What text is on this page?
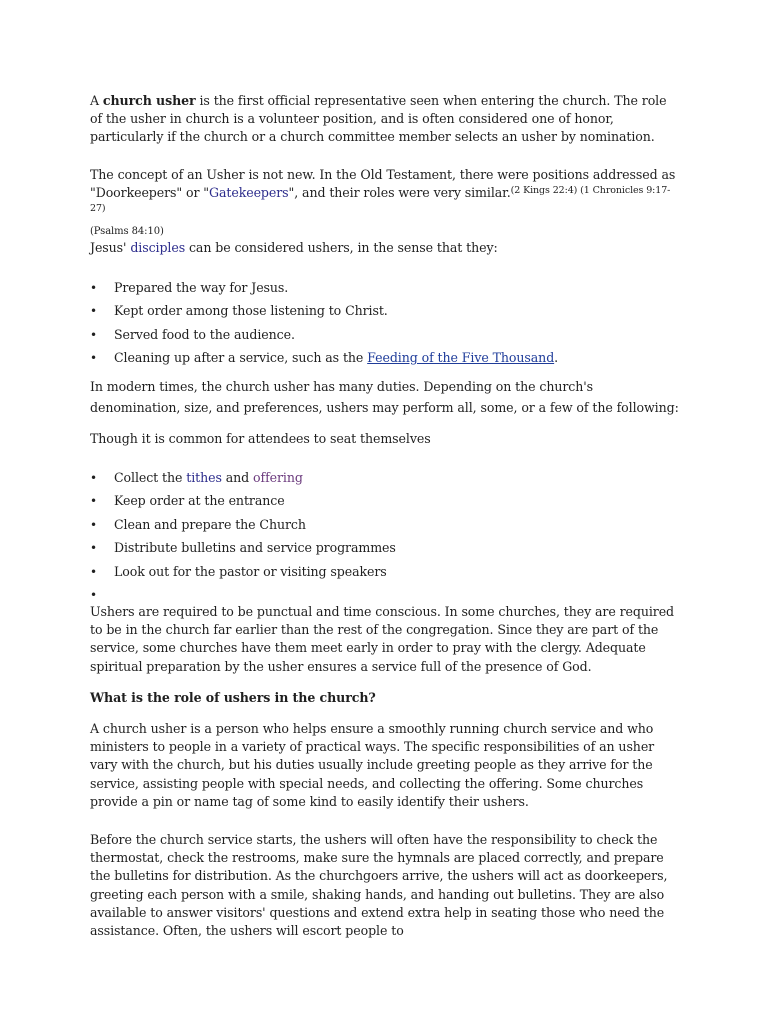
A church usher is the first official representative seen when entering the church. The role of the usher in church is a volunteer position, and is often considered one of honor, particularly if the church or a church committee member selects an usher by nomination.

The concept of an Usher is not new. In the Old Testament, there were positions addressed as "Doorkeepers" or "Gatekeepers", and their roles were very similar.$^{(2 Kings 22:4)}$ $^{(1 Chronicles 9:17-27)}$
(Psalms 84:10)

Jesus' disciples can be considered ushers, in the sense that they:

• Prepared the way for Jesus.
• Kept order among those listening to Christ.
• Served food to the audience.
• Cleaning up after a service, such as the Feeding of the Five Thousand.

In modern times, the church usher has many duties. Depending on the church's denomination, size, and preferences, ushers may perform all, some, or a few of the following:

Though it is common for attendees to seat themselves

• Collect the tithes and offering
• Keep order at the entrance
• Clean and prepare the Church
• Distribute bulletins and service programmes
• Look out for the pastor or visiting speakers
•

Ushers are required to be punctual and time conscious. In some churches, they are required to be in the church far earlier than the rest of the congregation. Since they are part of the service, some churches have them meet early in order to pray with the clergy. Adequate spiritual preparation by the usher ensures a service full of the presence of God.

What is the role of ushers in the church?

A church usher is a person who helps ensure a smoothly running church service and who ministers to people in a variety of practical ways. The specific responsibilities of an usher vary with the church, but his duties usually include greeting people as they arrive for the service, assisting people with special needs, and collecting the offering. Some churches provide a pin or name tag of some kind to easily identify their ushers.

Before the church service starts, the ushers will often have the responsibility to check the thermostat, check the restrooms, make sure the hymnals are placed correctly, and prepare the bulletins for distribution. As the churchgoers arrive, the ushers will act as doorkeepers, greeting each person with a smile, shaking hands, and handing out bulletins. They are also available to answer visitors' questions and extend extra help in seating those who need the assistance. Often, the ushers will escort people to
